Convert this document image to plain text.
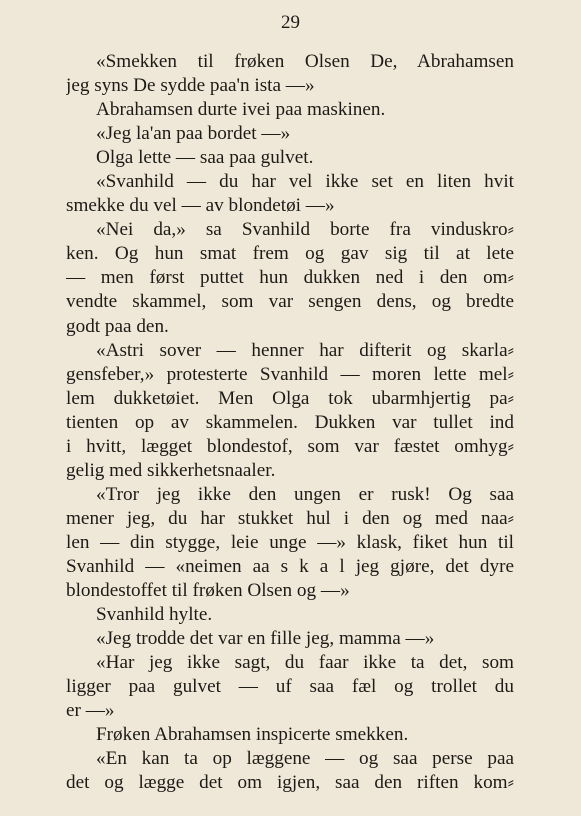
29
«Smekken til frøken Olsen De, Abrahamsen
jeg syns De sydde paa'n ista —»
Abrahamsen durte ivei paa maskinen.
«Jeg la'an paa bordet —»
Olga lette — saa paa gulvet.
«Svanhild — du har vel ikke set en liten hvit
smekke du vel — av blondetøi —»
«Nei da,» sa Svanhild borte fra vinduskro⸗
ken. Og hun smat frem og gav sig til at lete
— men først puttet hun dukken ned i den om⸗
vendte skammel, som var sengen dens, og bredte
godt paa den.
«Astri sover — henner har difterit og skarla⸗
gensfeber,» protesterte Svanhild — moren lette mel⸗
lem dukketøiet. Men Olga tok ubarmhjertig pa⸗
tienten op av skammelen. Dukken var tullet ind
i hvitt, lægget blondestof, som var fæstet omhyg⸗
gelig med sikkerhetsnaaler.
«Tror jeg ikke den ungen er rusk! Og saa
mener jeg, du har stukket hul i den og med naa⸗
len — din stygge, leie unge —» klask, fiket hun til
Svanhild — «neimen aa s k a l jeg gjøre, det dyre
blondestoffet til frøken Olsen og —»
Svanhild hylte.
«Jeg trodde det var en fille jeg, mamma —»
«Har jeg ikke sagt, du faar ikke ta det, som
ligger paa gulvet — uf saa fæl og trollet du
er —»
Frøken Abrahamsen inspicerte smekken.
«En kan ta op læggene — og saa perse paa
det og lægge det om igjen, saa den riften kom⸗
